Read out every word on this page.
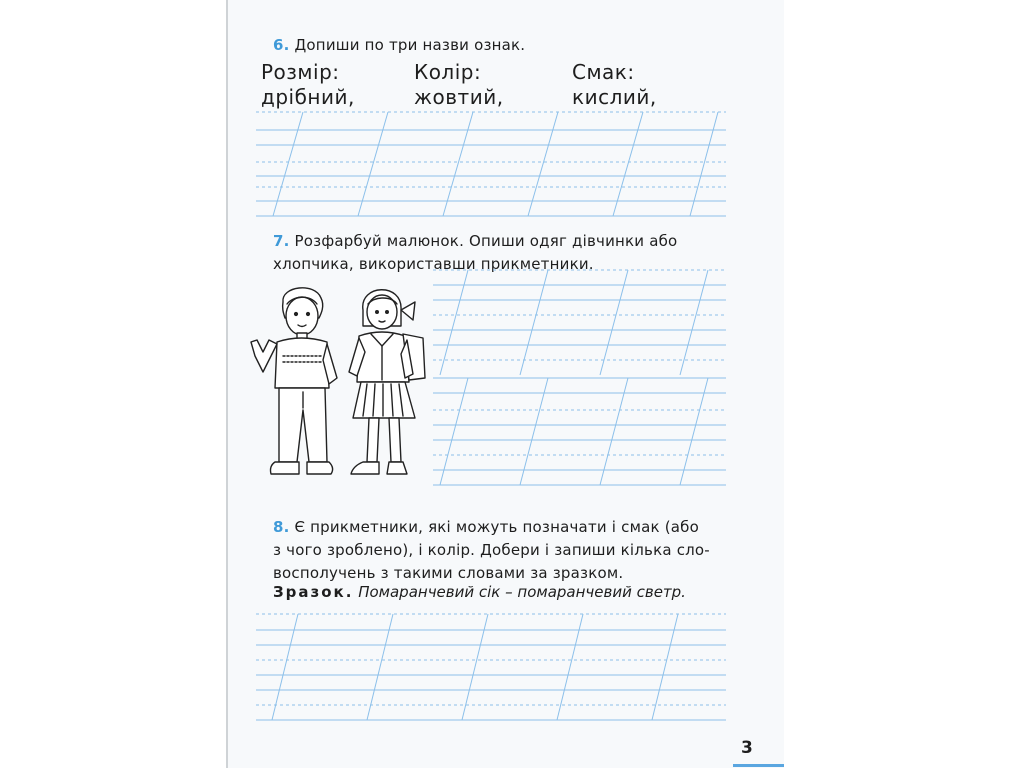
6. Допиши по три назви ознак.
Розмір:	Колір:	Смак:
дрібний,	жовтий,	кислий,
7. Розфарбуй малюнок. Опиши одяг дівчинки або
хлопчика, використавши прикметники.
8. Є прикметники, які можуть позначати і смак (або
з чого зроблено), і колір. Добери і запиши кілька сло-
восполучень з такими словами за зразком.
Зразок. Помаранчевий сік – помаранчевий светр.
3
